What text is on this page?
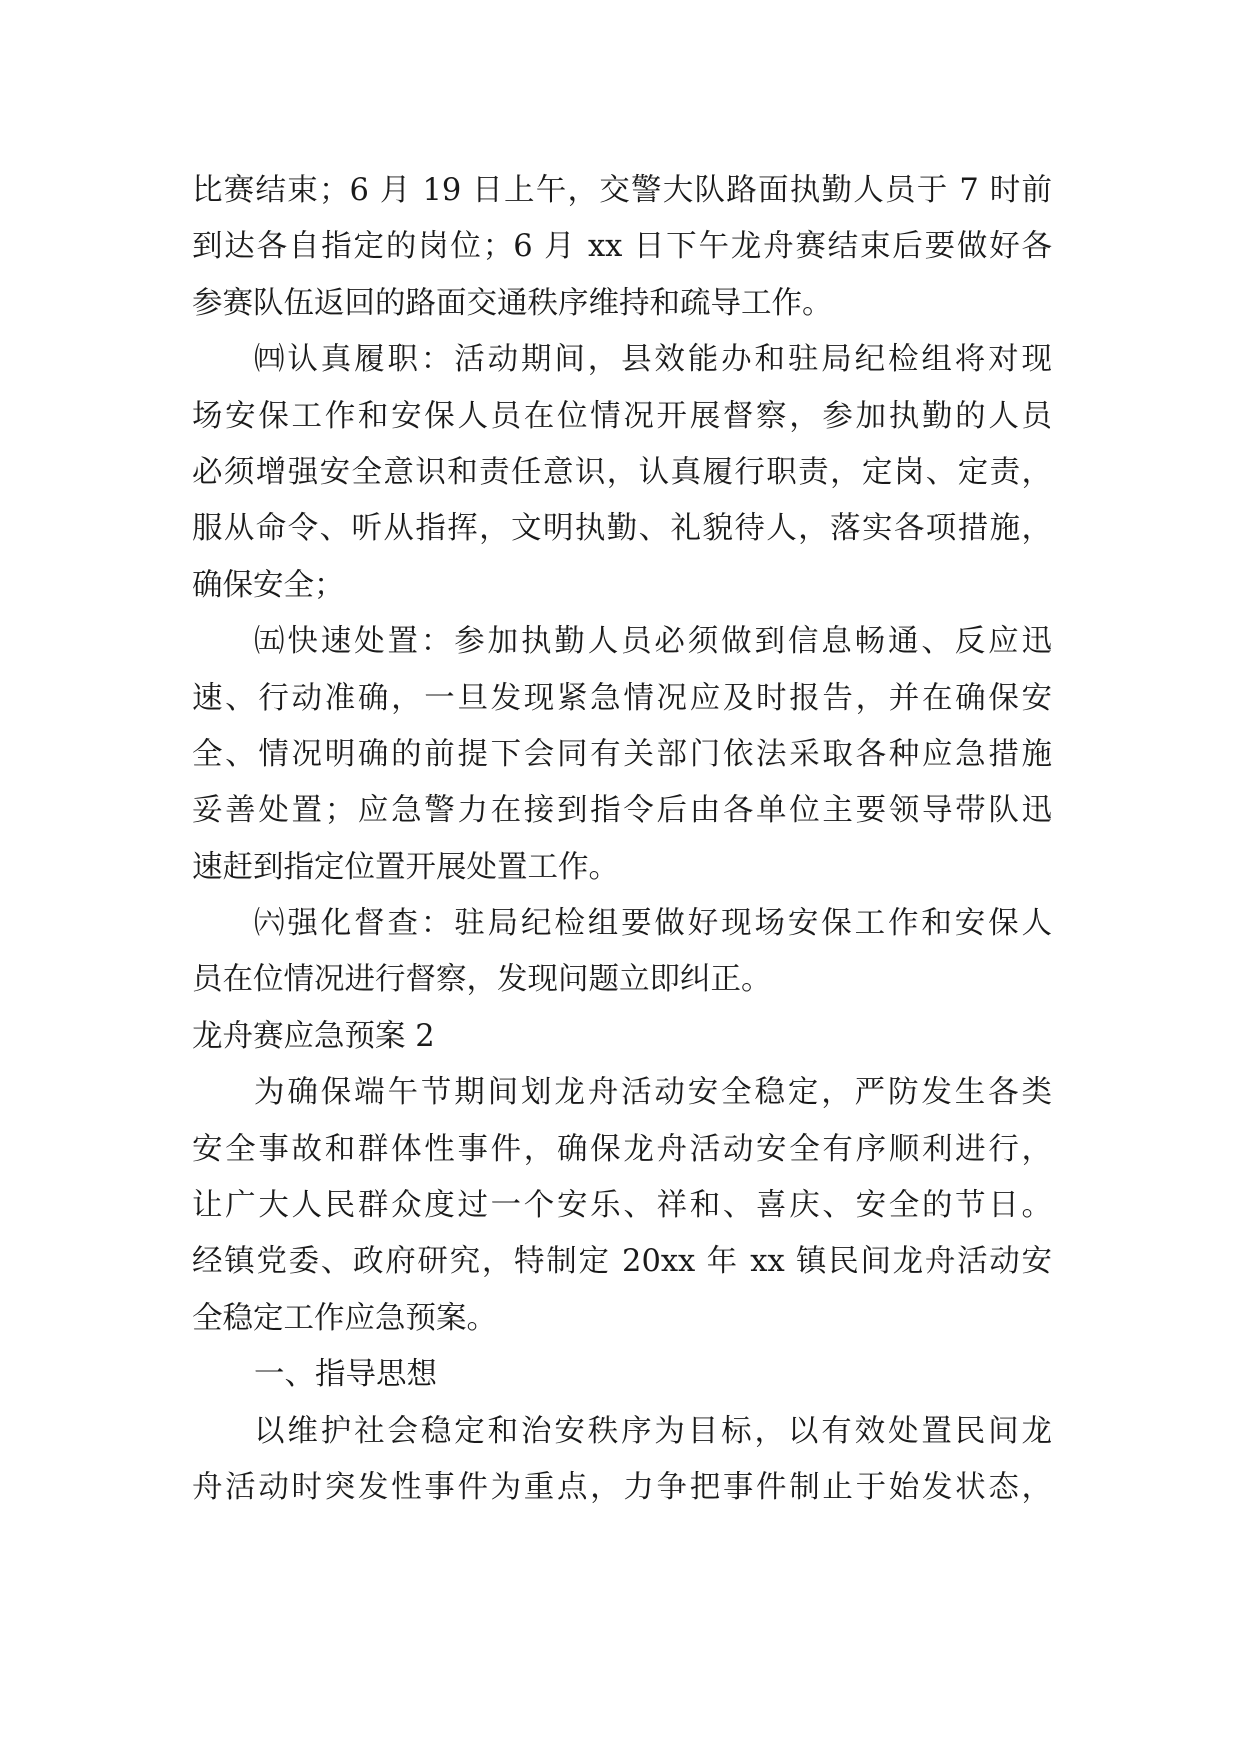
比赛结束；6 月 19 日上午，交警大队路面执勤人员于 7 时前
到达各自指定的岗位；6 月 xx 日下午龙舟赛结束后要做好各
参赛队伍返回的路面交通秩序维持和疏导工作。
㈣认真履职：活动期间，县效能办和驻局纪检组将对现
场安保工作和安保人员在位情况开展督察，参加执勤的人员
必须增强安全意识和责任意识，认真履行职责，定岗、定责，
服从命令、听从指挥，文明执勤、礼貌待人，落实各项措施，
确保安全；
㈤快速处置：参加执勤人员必须做到信息畅通、反应迅
速、行动准确，一旦发现紧急情况应及时报告，并在确保安
全、情况明确的前提下会同有关部门依法采取各种应急措施
妥善处置；应急警力在接到指令后由各单位主要领导带队迅
速赶到指定位置开展处置工作。
㈥强化督查：驻局纪检组要做好现场安保工作和安保人
员在位情况进行督察，发现问题立即纠正。
龙舟赛应急预案 2
为确保端午节期间划龙舟活动安全稳定，严防发生各类
安全事故和群体性事件，确保龙舟活动安全有序顺利进行，
让广大人民群众度过一个安乐、祥和、喜庆、安全的节日。
经镇党委、政府研究，特制定 20xx 年 xx 镇民间龙舟活动安
全稳定工作应急预案。
一、指导思想
以维护社会稳定和治安秩序为目标，以有效处置民间龙
舟活动时突发性事件为重点，力争把事件制止于始发状态，
